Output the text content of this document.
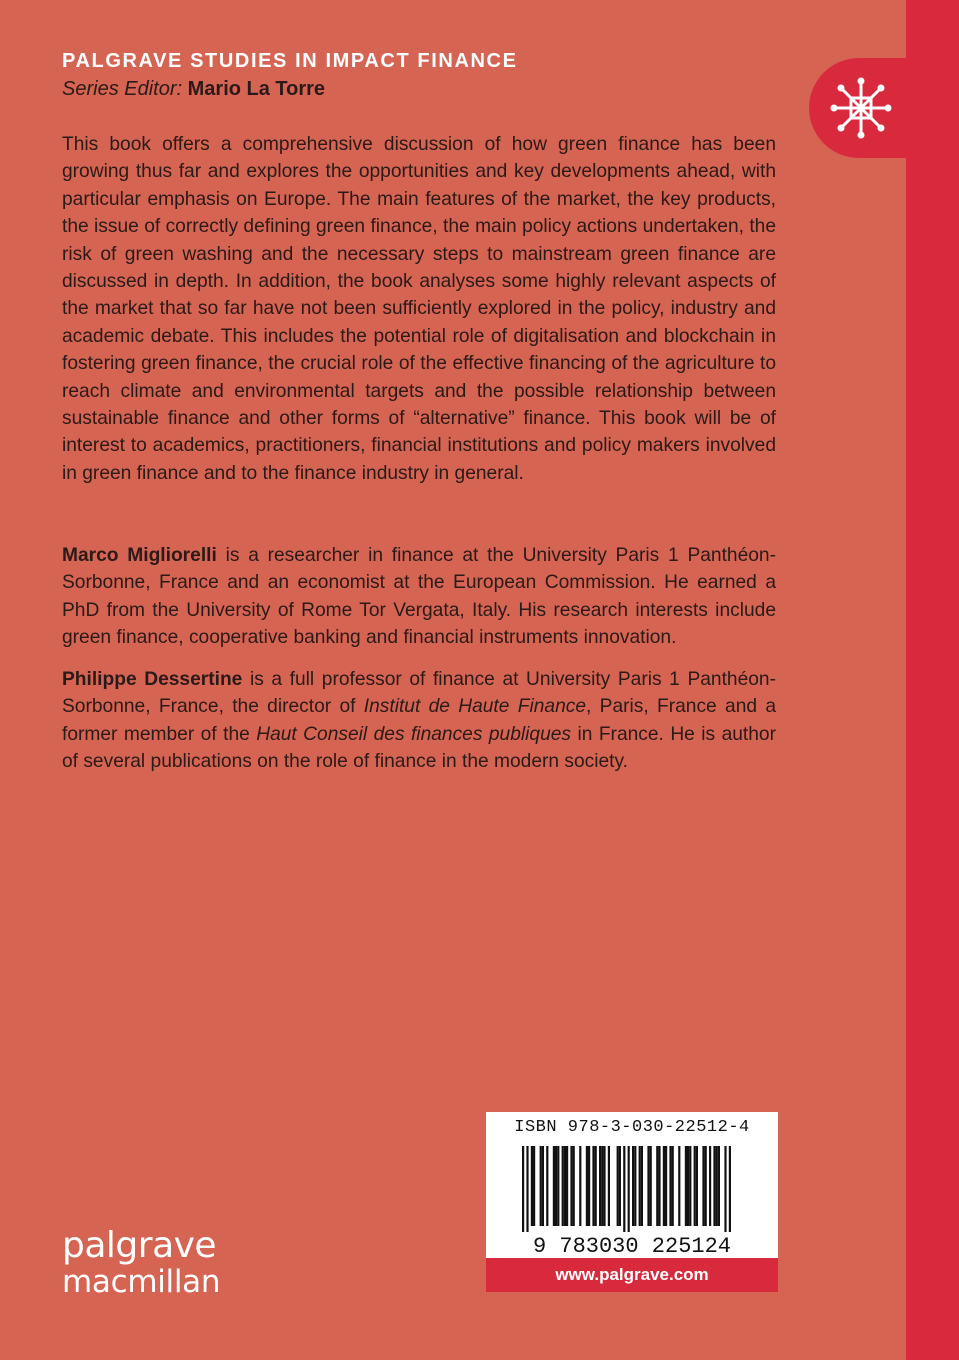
PALGRAVE STUDIES IN IMPACT FINANCE
Series Editor: Mario La Torre

This book offers a comprehensive discussion of how green finance has been growing thus far and explores the opportunities and key developments ahead, with particular emphasis on Europe. The main features of the market, the key products, the issue of correctly defining green finance, the main policy actions undertaken, the risk of green washing and the necessary steps to mainstream green finance are discussed in depth. In addition, the book analyses some highly relevant aspects of the market that so far have not been sufficiently explored in the policy, industry and academic debate. This includes the potential role of digitalisation and blockchain in fostering green finance, the crucial role of the effective financing of the agriculture to reach climate and environmental targets and the possible relationship between sustainable finance and other forms of “alternative” finance. This book will be of interest to academics, practitioners, financial institutions and policy makers involved in green finance and to the finance industry in general.

Marco Migliorelli is a researcher in finance at the University Paris 1 Panthéon-Sorbonne, France and an economist at the European Commission. He earned a PhD from the University of Rome Tor Vergata, Italy. His research interests include green finance, cooperative banking and financial instruments innovation.

Philippe Dessertine is a full professor of finance at University Paris 1 Panthéon-Sorbonne, France, the director of Institut de Haute Finance, Paris, France and a former member of the Haut Conseil des finances publiques in France. He is author of several publications on the role of finance in the modern society.

ISBN 978-3-030-22512-4
9 783030 225124
www.palgrave.com
palgrave
macmillan
